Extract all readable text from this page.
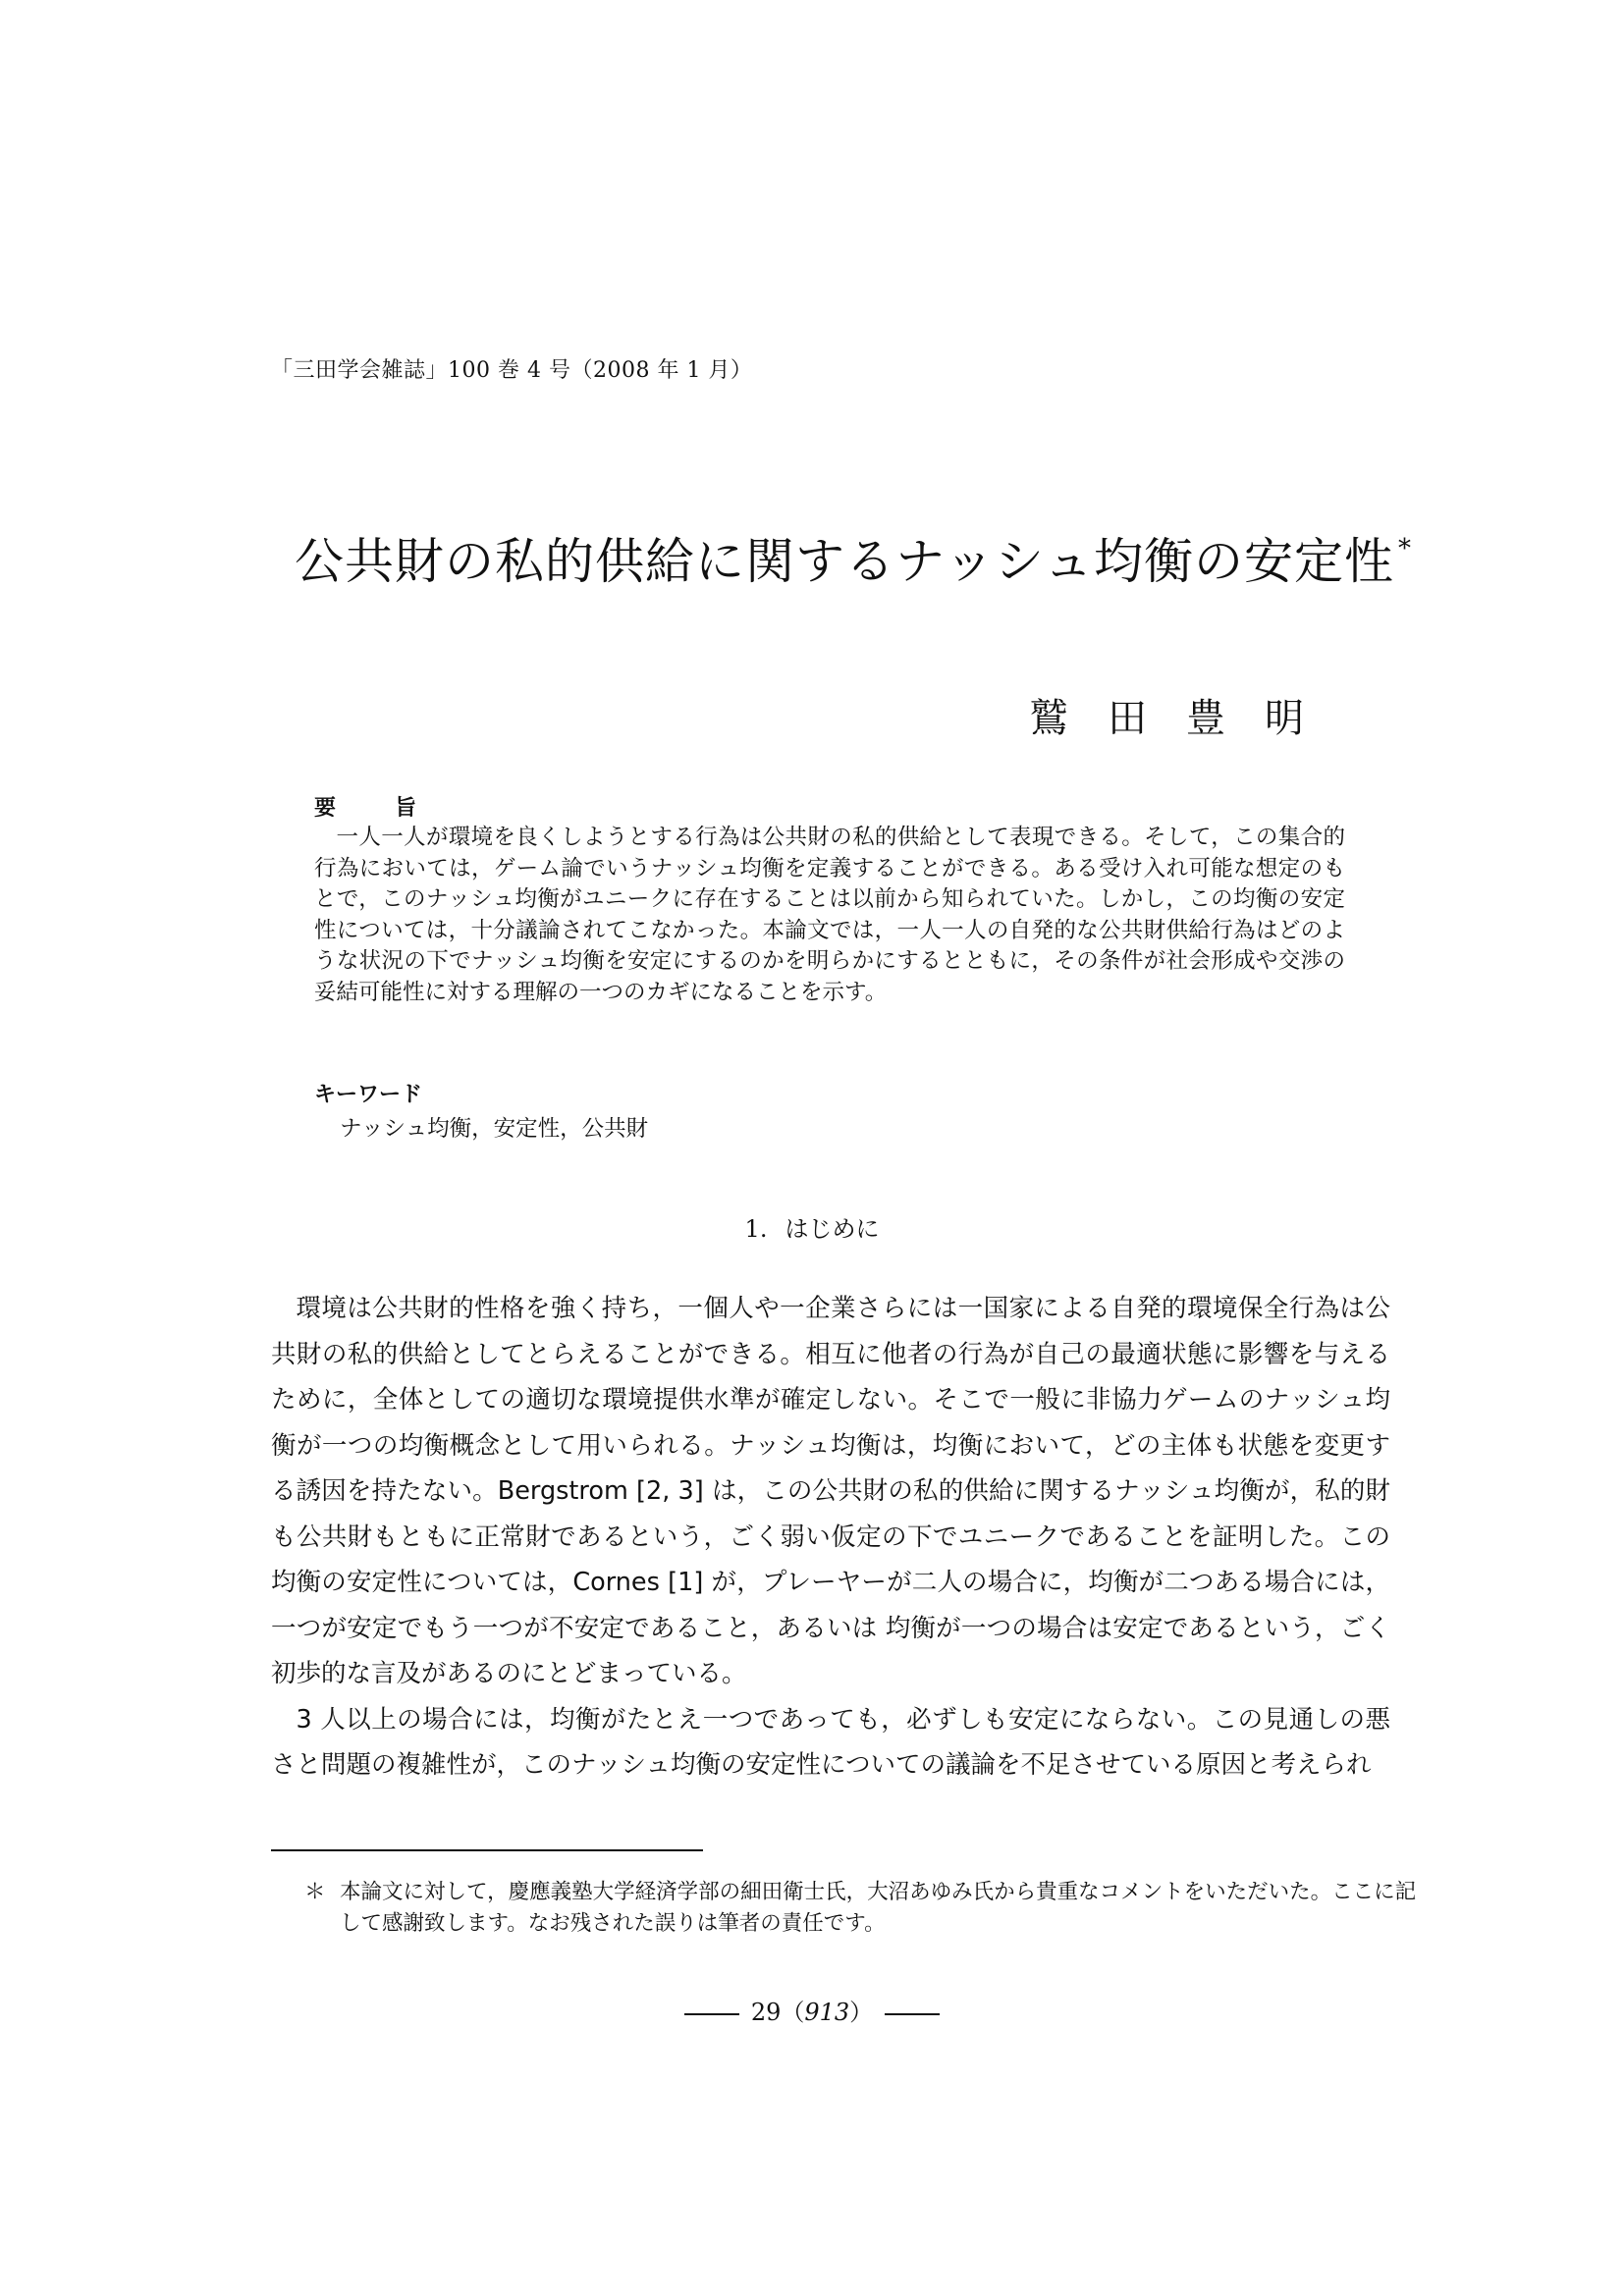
「三田学会雑誌」100 巻 4 号（2008 年 1 月）
公共財の私的供給に関するナッシュ均衡の安定性 *
鷲田豊明
要旨
一人一人が環境を良くしようとする行為は公共財の私的供給として表現できる。そして，この集合的行為においては，ゲーム論でいうナッシュ均衡を定義することができる。ある受け入れ可能な想定のもとで，このナッシュ均衡がユニークに存在することは以前から知られていた。しかし，この均衡の安定性については，十分議論されてこなかった。本論文では，一人一人の自発的な公共財供給行為はどのような状況の下でナッシュ均衡を安定にするのかを明らかにするとともに，その条件が社会形成や交渉の妥結可能性に対する理解の一つのカギになることを示す。
キーワード
ナッシュ均衡，安定性，公共財
1. はじめに

環境は公共財的性格を強く持ち，一個人や一企業さらには一国家による自発的環境保全行為は公共財の私的供給としてとらえることができる。相互に他者の行為が自己の最適状態に影響を与えるために，全体としての適切な環境提供水準が確定しない。そこで一般に非協力ゲームのナッシュ均衡が一つの均衡概念として用いられる。ナッシュ均衡は，均衡において，どの主体も状態を変更する誘因を持たない。Bergstrom [2, 3] は，この公共財の私的供給に関するナッシュ均衡が，私的財も公共財もともに正常財であるという，ごく弱い仮定の下でユニークであることを証明した。この均衡の安定性については，Cornes [1] が，プレーヤーが二人の場合に，均衡が二つある場合には，一つが安定でもう一つが不安定であること，あるいは 均衡が一つの場合は安定であるという，ごく初歩的な言及があるのにとどまっている。

3 人以上の場合には，均衡がたとえ一つであっても，必ずしも安定にならない。この見通しの悪さと問題の複雑性が，このナッシュ均衡の安定性についての議論を不足させている原因と考えられ

＊ 本論文に対して，慶應義塾大学経済学部の細田衛士氏，大沼あゆみ氏から貴重なコメントをいただいた。ここに記して感謝致します。なお残された誤りは筆者の責任です。
29（913）
